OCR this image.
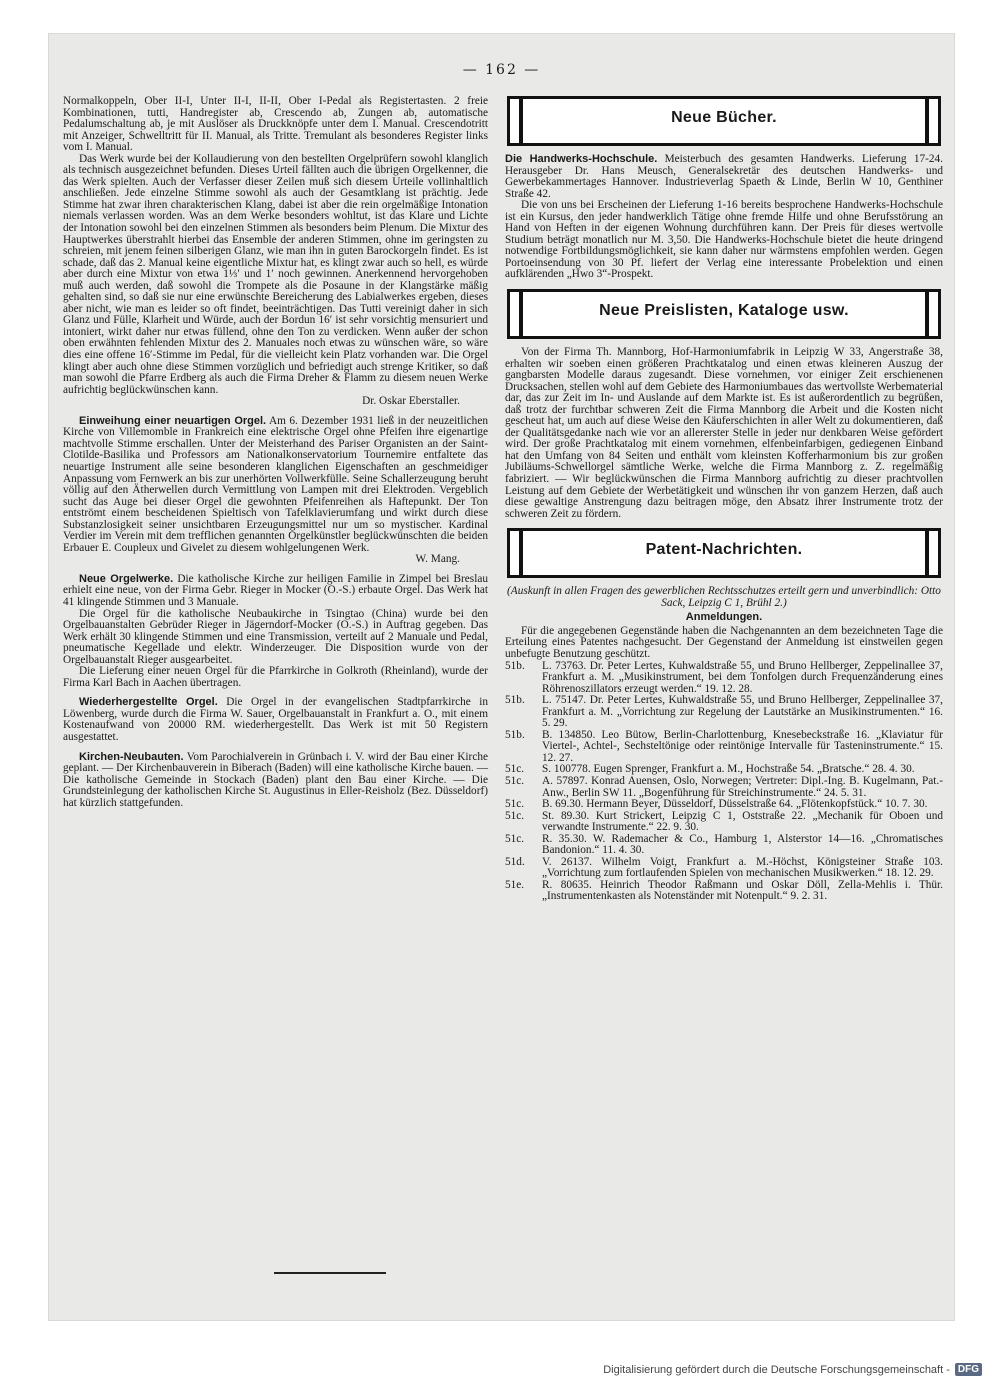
— 162 —

Normalkoppeln, Ober II-I, Unter II-I, II-II, Ober I-Pedal als Registertasten. 2 freie Kombinationen, tutti, Handregister ab, Crescendo ab, Zungen ab, automatische Pedalumschaltung ab, je mit Auslöser als Druckknöpfe unter dem I. Manual. Crescendotritt mit Anzeiger, Schwelltritt für II. Manual, als Tritte. Tremulant als besonderes Register links vom I. Manual.

Das Werk wurde bei der Kollaudierung von den bestellten Orgelprüfern sowohl klanglich als technisch ausgezeichnet befunden. Dieses Urteil fällten auch die übrigen Orgelkenner, die das Werk spielten. Auch der Verfasser dieser Zeilen muß sich diesem Urteile vollinhaltlich anschließen. Jede einzelne Stimme sowohl als auch der Gesamtklang ist prächtig. Jede Stimme hat zwar ihren charakterischen Klang, dabei ist aber die rein orgelmäßige Intonation niemals verlassen worden. Was an dem Werke besonders wohltut, ist das Klare und Lichte der Intonation sowohl bei den einzelnen Stimmen als besonders beim Plenum. Die Mixtur des Hauptwerkes überstrahlt hierbei das Ensemble der anderen Stimmen, ohne im geringsten zu schreien, mit jenem feinen silberigen Glanz, wie man ihn in guten Barockorgeln findet. Es ist schade, daß das 2. Manual keine eigentliche Mixtur hat, es klingt zwar auch so hell, es würde aber durch eine Mixtur von etwa 1⅓′ und 1′ noch gewinnen. Anerkennend hervorgehoben muß auch werden, daß sowohl die Trompete als die Posaune in der Klangstärke mäßig gehalten sind, so daß sie nur eine erwünschte Bereicherung des Labialwerkes ergeben, dieses aber nicht, wie man es leider so oft findet, beeinträchtigen. Das Tutti vereinigt daher in sich Glanz und Fülle, Klarheit und Würde, auch der Bordun 16′ ist sehr vorsichtig mensuriert und intoniert, wirkt daher nur etwas füllend, ohne den Ton zu verdicken. Wenn außer der schon oben erwähnten fehlenden Mixtur des 2. Manuales noch etwas zu wünschen wäre, so wäre dies eine offene 16′-Stimme im Pedal, für die vielleicht kein Platz vorhanden war. Die Orgel klingt aber auch ohne diese Stimmen vorzüglich und befriedigt auch strenge Kritiker, so daß man sowohl die Pfarre Erdberg als auch die Firma Dreher & Flamm zu diesem neuen Werke aufrichtig beglückwünschen kann.
Dr. Oskar Eberstaller.

Einweihung einer neuartigen Orgel. Am 6. Dezember 1931 ließ in der neuzeitlichen Kirche von Villemomble in Frankreich eine elektrische Orgel ohne Pfeifen ihre eigenartige machtvolle Stimme erschallen. Unter der Meisterhand des Pariser Organisten an der Saint-Clotilde-Basilika und Professors am Nationalkonservatorium Tournemire entfaltete das neuartige Instrument alle seine besonderen klanglichen Eigenschaften an geschmeidiger Anpassung vom Fernwerk an bis zur unerhörten Vollwerkfülle. Seine Schallerzeugung beruht völlig auf den Ätherwellen durch Vermittlung von Lampen mit drei Elektroden. Vergeblich sucht das Auge bei dieser Orgel die gewohnten Pfeifenreihen als Haftepunkt. Der Ton entströmt einem bescheidenen Spieltisch von Tafelklavierumfang und wirkt durch diese Substanzlosigkeit seiner unsichtbaren Erzeugungsmittel nur um so mystischer. Kardinal Verdier im Verein mit dem trefflichen genannten Orgelkünstler beglückwünschten die beiden Erbauer E. Coupleux und Givelet zu diesem wohlgelungenen Werk.
W. Mang.

Neue Orgelwerke. Die katholische Kirche zur heiligen Familie in Zimpel bei Breslau erhielt eine neue, von der Firma Gebr. Rieger in Mocker (O.-S.) erbaute Orgel. Das Werk hat 41 klingende Stimmen und 3 Manuale.

Die Orgel für die katholische Neubaukirche in Tsingtao (China) wurde bei den Orgelbauanstalten Gebrüder Rieger in Jägerndorf-Mocker (O.-S.) in Auftrag gegeben. Das Werk erhält 30 klingende Stimmen und eine Transmission, verteilt auf 2 Manuale und Pedal, pneumatische Kegellade und elektr. Winderzeuger. Die Disposition wurde von der Orgelbauanstalt Rieger ausgearbeitet.

Die Lieferung einer neuen Orgel für die Pfarrkirche in Golkroth (Rheinland), wurde der Firma Karl Bach in Aachen übertragen.

Wiederhergestellte Orgel. Die Orgel in der evangelischen Stadtpfarrkirche in Löwenberg, wurde durch die Firma W. Sauer, Orgelbauanstalt in Frankfurt a. O., mit einem Kostenaufwand von 20000 RM. wiederhergestellt. Das Werk ist mit 50 Registern ausgestattet.

Kirchen-Neubauten. Vom Parochialverein in Grünbach i. V. wird der Bau einer Kirche geplant. — Der Kirchenbauverein in Biberach (Baden) will eine katholische Kirche bauen. — Die katholische Gemeinde in Stockach (Baden) plant den Bau einer Kirche. — Die Grundsteinlegung der katholischen Kirche St. Augustinus in Eller-Reisholz (Bez. Düsseldorf) hat kürzlich stattgefunden.

Neue Bücher.

Die Handwerks-Hochschule. Meisterbuch des gesamten Handwerks. Lieferung 17-24. Herausgeber Dr. Hans Meusch, Generalsekretär des deutschen Handwerks- und Gewerbekammertages Hannover. Industrieverlag Spaeth & Linde, Berlin W 10, Genthiner Straße 42.

Die von uns bei Erscheinen der Lieferung 1-16 bereits besprochene Handwerks-Hochschule ist ein Kursus, den jeder handwerklich Tätige ohne fremde Hilfe und ohne Berufsstörung an Hand von Heften in der eigenen Wohnung durchführen kann. Der Preis für dieses wertvolle Studium beträgt monatlich nur M. 3,50. Die Handwerks-Hochschule bietet die heute dringend notwendige Fortbildungsmöglichkeit, sie kann daher nur wärmstens empfohlen werden. Gegen Portoeinsendung von 30 Pf. liefert der Verlag eine interessante Probelektion und einen aufklärenden „Hwo 3“-Prospekt.

Neue Preislisten, Kataloge usw.

Von der Firma Th. Mannborg, Hof-Harmoniumfabrik in Leipzig W 33, Angerstraße 38, erhalten wir soeben einen größeren Prachtkatalog und einen etwas kleineren Auszug der gangbarsten Modelle daraus zugesandt. Diese vornehmen, vor einiger Zeit erschienenen Drucksachen, stellen wohl auf dem Gebiete des Harmoniumbaues das wertvollste Werbematerial dar, das zur Zeit im In- und Auslande auf dem Markte ist. Es ist außerordentlich zu begrüßen, daß trotz der furchtbar schweren Zeit die Firma Mannborg die Arbeit und die Kosten nicht gescheut hat, um auch auf diese Weise den Käuferschichten in aller Welt zu dokumentieren, daß der Qualitätsgedanke nach wie vor an allererster Stelle in jeder nur denkbaren Weise gefördert wird. Der große Prachtkatalog mit einem vornehmen, elfenbeinfarbigen, gediegenen Einband hat den Umfang von 84 Seiten und enthält vom kleinsten Kofferharmonium bis zur großen Jubiläums-Schwellorgel sämtliche Werke, welche die Firma Mannborg z. Z. regelmäßig fabriziert. — Wir beglückwünschen die Firma Mannborg aufrichtig zu dieser prachtvollen Leistung auf dem Gebiete der Werbetätigkeit und wünschen ihr von ganzem Herzen, daß auch diese gewaltige Anstrengung dazu beitragen möge, den Absatz ihrer Instrumente trotz der schweren Zeit zu fördern.

Patent-Nachrichten.
(Auskunft in allen Fragen des gewerblichen Rechtsschutzes erteilt gern und unverbindlich: Otto Sack, Leipzig C 1, Brühl 2.)
Anmeldungen.

Für die angegebenen Gegenstände haben die Nachgenannten an dem bezeichneten Tage die Erteilung eines Patentes nachgesucht. Der Gegenstand der Anmeldung ist einstweilen gegen unbefugte Benutzung geschützt.

51b.	L. 73763. Dr. Peter Lertes, Kuhwaldstraße 55, und Bruno Hellberger, Zeppelinallee 37, Frankfurt a. M. „Musikinstrument, bei dem Tonfolgen durch Frequenzänderung eines Röhrenoszillators erzeugt werden.“ 19. 12. 28.
51b.	L. 75147. Dr. Peter Lertes, Kuhwaldstraße 55, und Bruno Hellberger, Zeppelinallee 37, Frankfurt a. M. „Vorrichtung zur Regelung der Lautstärke an Musikinstrumenten.“ 16. 5. 29.
51b.	B. 134850. Leo Bütow, Berlin-Charlottenburg, Knesebeckstraße 16. „Klaviatur für Viertel-, Achtel-, Sechsteltönige oder reintönige Intervalle für Tasteninstrumente.“ 15. 12. 27.
51c.	S. 100778. Eugen Sprenger, Frankfurt a. M., Hochstraße 54. „Bratsche.“ 28. 4. 30.
51c.	A. 57897. Konrad Auensen, Oslo, Norwegen; Vertreter: Dipl.-Ing. B. Kugelmann, Pat.-Anw., Berlin SW 11. „Bogenführung für Streichinstrumente.“ 24. 5. 31.
51c.	B. 69.30. Hermann Beyer, Düsseldorf, Düsselstraße 64. „Flötenkopfstück.“ 10. 7. 30.
51c.	St. 89.30. Kurt Strickert, Leipzig C 1, Oststraße 22. „Mechanik für Oboen und verwandte Instrumente.“ 22. 9. 30.
51c.	R. 35.30. W. Rademacher & Co., Hamburg 1, Alsterstor 14—16. „Chromatisches Bandonion.“ 11. 4. 30.
51d.	V. 26137. Wilhelm Voigt, Frankfurt a. M.-Höchst, Königsteiner Straße 103. „Vorrichtung zum fortlaufenden Spielen von mechanischen Musikwerken.“ 18. 12. 29.
51e.	R. 80635. Heinrich Theodor Raßmann und Oskar Döll, Zella-Mehlis i. Thür. „Instrumentenkasten als Notenständer mit Notenpult.“ 9. 2. 31.
Digitalisierung gefördert durch die Deutsche Forschungsgemeinschaft - DFG
